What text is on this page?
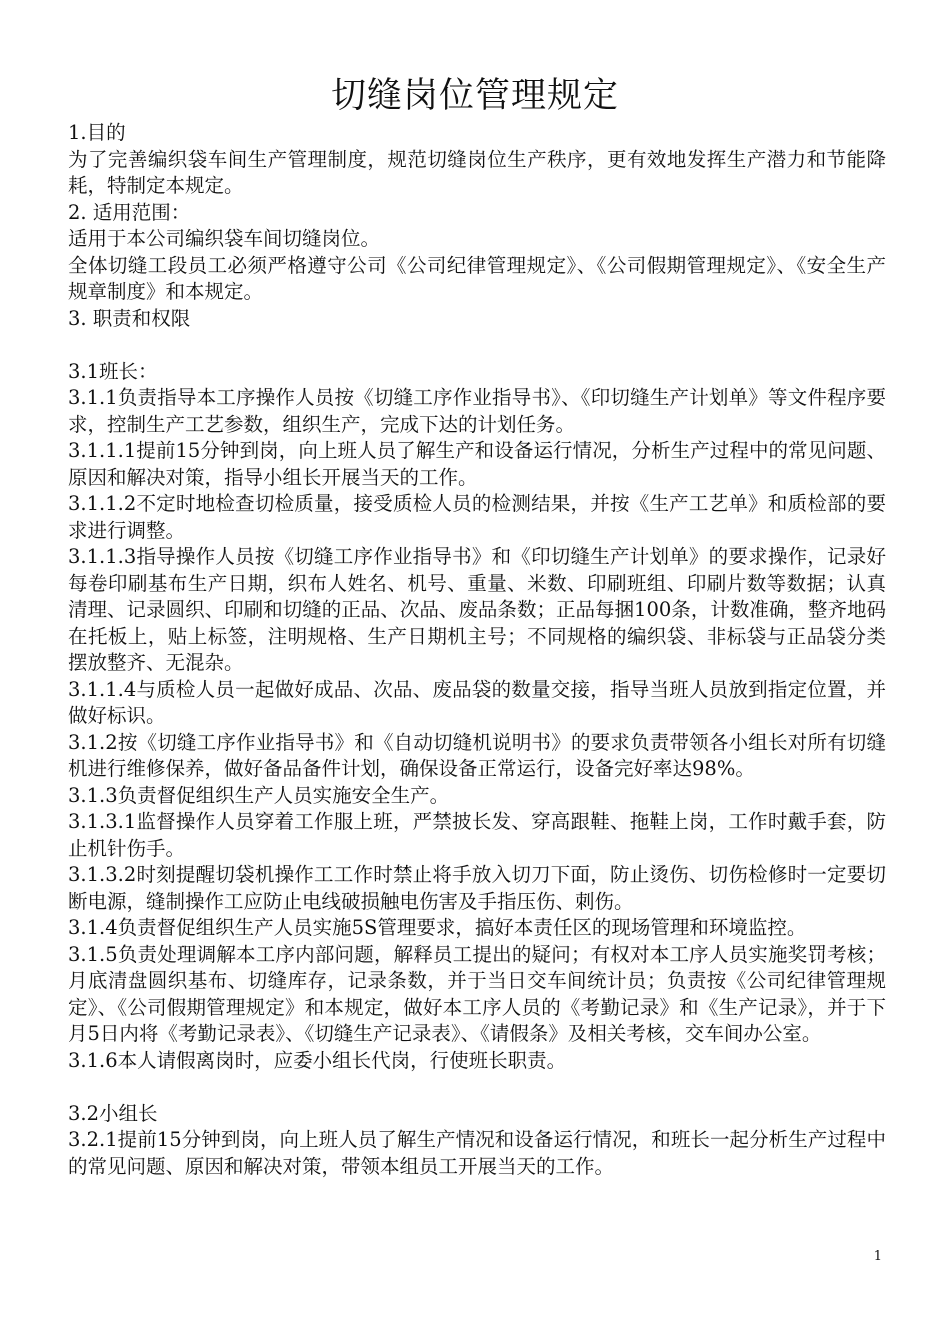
切缝岗位管理规定
1.目的
为了完善编织袋车间生产管理制度，规范切缝岗位生产秩序，更有效地发挥生产潜力和节能降耗，特制定本规定。
2. 适用范围：
适用于本公司编织袋车间切缝岗位。
全体切缝工段员工必须严格遵守公司《公司纪律管理规定》、《公司假期管理规定》、《安全生产规章制度》和本规定。
3. 职责和权限
3.1班长：
3.1.1负责指导本工序操作人员按《切缝工序作业指导书》、《印切缝生产计划单》等文件程序要求，控制生产工艺参数，组织生产，完成下达的计划任务。
3.1.1.1提前15分钟到岗，向上班人员了解生产和设备运行情况，分析生产过程中的常见问题、原因和解决对策，指导小组长开展当天的工作。
3.1.1.2不定时地检查切检质量，接受质检人员的检测结果，并按《生产工艺单》和质检部的要求进行调整。
3.1.1.3指导操作人员按《切缝工序作业指导书》和《印切缝生产计划单》的要求操作，记录好每卷印刷基布生产日期，织布人姓名、机号、重量、米数、印刷班组、印刷片数等数据；认真清理、记录圆织、印刷和切缝的正品、次品、废品条数；正品每捆100条，计数准确，整齐地码在托板上，贴上标签，注明规格、生产日期机主号；不同规格的编织袋、非标袋与正品袋分类摆放整齐、无混杂。
3.1.1.4与质检人员一起做好成品、次品、废品袋的数量交接，指导当班人员放到指定位置，并做好标识。
3.1.2按《切缝工序作业指导书》和《自动切缝机说明书》的要求负责带领各小组长对所有切缝机进行维修保养，做好备品备件计划，确保设备正常运行，设备完好率达98%。
3.1.3负责督促组织生产人员实施安全生产。
3.1.3.1监督操作人员穿着工作服上班，严禁披长发、穿高跟鞋、拖鞋上岗，工作时戴手套，防止机针伤手。
3.1.3.2时刻提醒切袋机操作工工作时禁止将手放入切刀下面，防止烫伤、切伤检修时一定要切断电源，缝制操作工应防止电线破损触电伤害及手指压伤、刺伤。
3.1.4负责督促组织生产人员实施5S管理要求，搞好本责任区的现场管理和环境监控。
3.1.5负责处理调解本工序内部问题，解释员工提出的疑问；有权对本工序人员实施奖罚考核；月底清盘圆织基布、切缝库存，记录条数，并于当日交车间统计员；负责按《公司纪律管理规定》、《公司假期管理规定》和本规定，做好本工序人员的《考勤记录》和《生产记录》，并于下月5日内将《考勤记录表》、《切缝生产记录表》、《请假条》及相关考核，交车间办公室。
3.1.6本人请假离岗时，应委小组长代岗，行使班长职责。
3.2小组长
3.2.1提前15分钟到岗，向上班人员了解生产情况和设备运行情况，和班长一起分析生产过程中的常见问题、原因和解决对策，带领本组员工开展当天的工作。
1
